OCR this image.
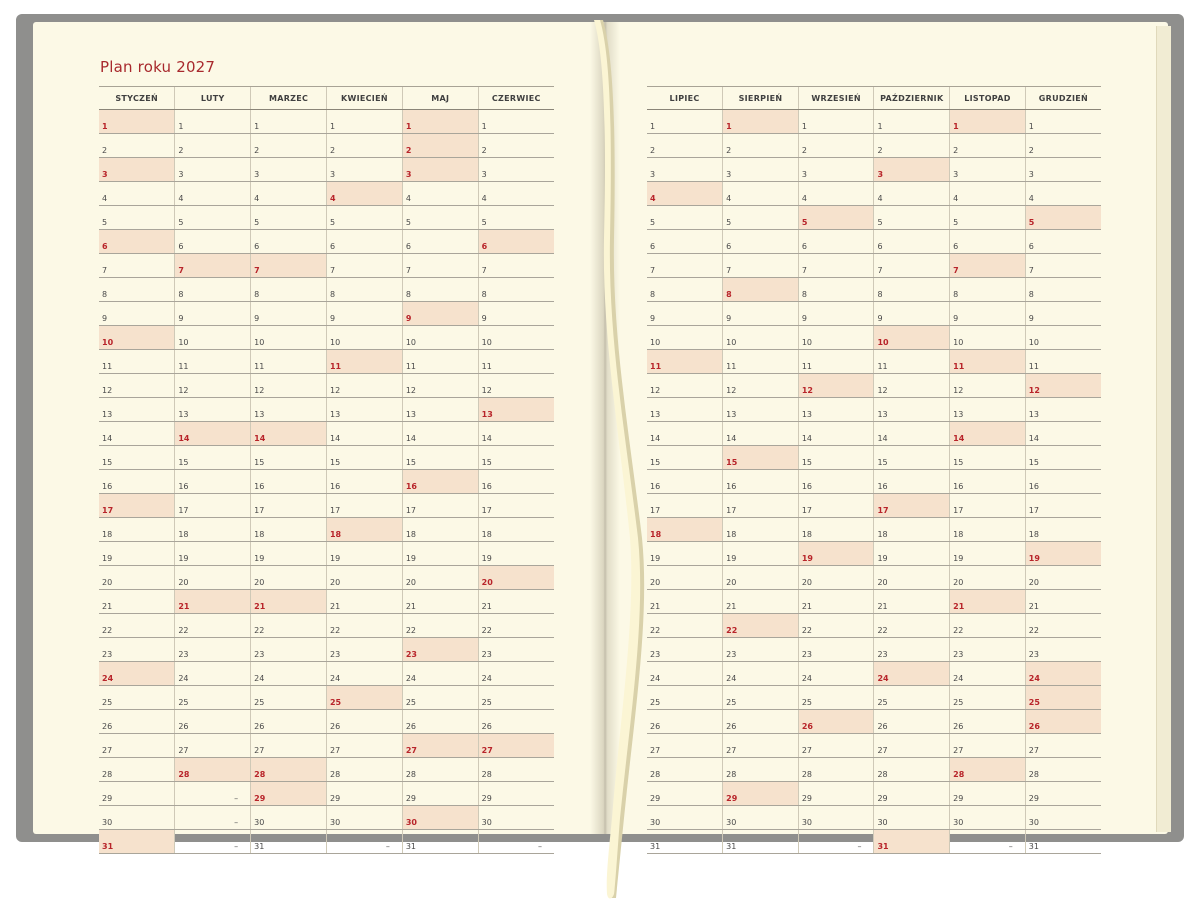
Plan roku 2027
STYCZEŃ	LUTY	MARZEC	KWIECIEŃ	MAJ	CZERWIEC
1	1	1	1	1	1
2	2	2	2	2	2
3	3	3	3	3	3
4	4	4	4	4	4
5	5	5	5	5	5
6	6	6	6	6	6
7	7	7	7	7	7
8	8	8	8	8	8
9	9	9	9	9	9
10	10	10	10	10	10
11	11	11	11	11	11
12	12	12	12	12	12
13	13	13	13	13	13
14	14	14	14	14	14
15	15	15	15	15	15
16	16	16	16	16	16
17	17	17	17	17	17
18	18	18	18	18	18
19	19	19	19	19	19
20	20	20	20	20	20
21	21	21	21	21	21
22	22	22	22	22	22
23	23	23	23	23	23
24	24	24	24	24	24
25	25	25	25	25	25
26	26	26	26	26	26
27	27	27	27	27	27
28	28	28	28	28	28
29	–	29	29	29	29
30	–	30	30	30	30
31	–	31	–	31	–
LIPIEC	SIERPIEŃ	WRZESIEŃ	PAŹDZIERNIK	LISTOPAD	GRUDZIEŃ
1	1	1	1	1	1
2	2	2	2	2	2
3	3	3	3	3	3
4	4	4	4	4	4
5	5	5	5	5	5
6	6	6	6	6	6
7	7	7	7	7	7
8	8	8	8	8	8
9	9	9	9	9	9
10	10	10	10	10	10
11	11	11	11	11	11
12	12	12	12	12	12
13	13	13	13	13	13
14	14	14	14	14	14
15	15	15	15	15	15
16	16	16	16	16	16
17	17	17	17	17	17
18	18	18	18	18	18
19	19	19	19	19	19
20	20	20	20	20	20
21	21	21	21	21	21
22	22	22	22	22	22
23	23	23	23	23	23
24	24	24	24	24	24
25	25	25	25	25	25
26	26	26	26	26	26
27	27	27	27	27	27
28	28	28	28	28	28
29	29	29	29	29	29
30	30	30	30	30	30
31	31	–	31	–	31
